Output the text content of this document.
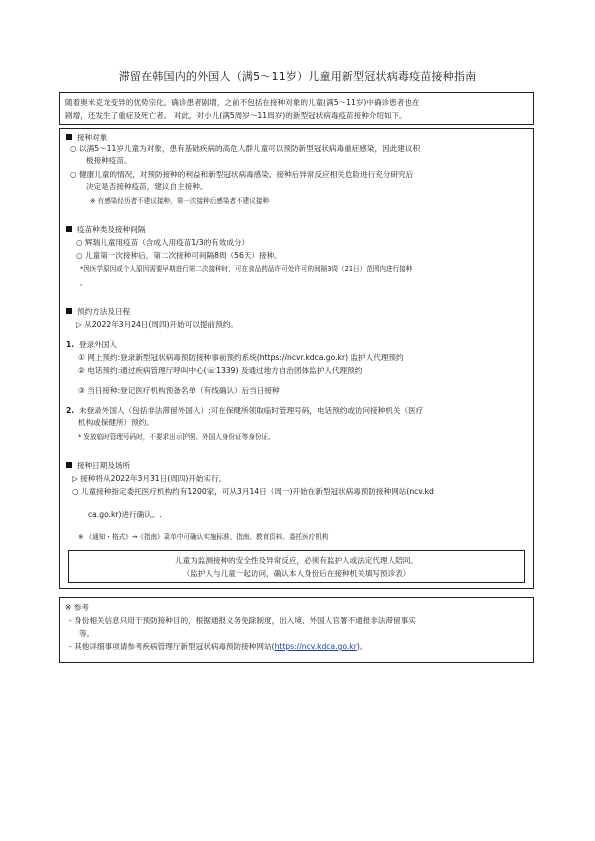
滞留在韩国内的外国人（满5～11岁）儿童用新型冠状病毒疫苗接种指南
随着奥米克龙变异的优势宗化，确诊患者剧增，之前不包括在接种对象的儿童(满5～11岁)中确诊患者也在
剧增，还发生了重症及死亡者。 对此，对小儿(满5周岁～11周岁)的新型冠状病毒疫苗接种介绍如下。
接种对象
○ 以满5～11岁儿童为对象，患有基础疾病的高危人群儿童可以预防新型冠状病毒重症感染，因此建议积
极接种疫苗。
○ 健康儿童的情况，对预防接种的利益和新型冠状病毒感染、接种后异常反应相关危险进行充分研究后
决定是否接种疫苗，建议自主接种。
※ 有感染经历者不建议接种，第一次接种后感染者不建议接种
疫苗种类及接种间隔
○ 辉瑞儿童用疫苗（含成人用疫苗1/3的有效成分）
○ 儿童第一次接种后，第二次接种可间隔8周（56天）接种。
*因医学原因或个人原因需要早期进行第二次接种时，可在食品药品许可处许可的间隔3周（21日）范围内进行接种
。
预约方法及日程
▷ 从2022年3月24日(周四)开始可以提前预约。
1. 登录外国人
① 网上预约:登录新型冠状病毒预防接种事前预约系统(https://ncvr.kdca.go.kr) 监护人代理预约
② 电话预约:通过疾病管理厅呼叫中心(☏1339) 及通过地方自治团体监护人代理预约
③ 当日接种:登记医疗机构预备名单（有线确认）后当日接种
2. 未登录外国人（包括非法滞留外国人）:可在保健所领取临时管理号码，电话预约或访问接种机关（医疗
机构或保健所）预约。
* 发放临时管理号码时，不要求出示护照、外国人身份证等身份证。
接种日期及场所
▷ 接种将从2022年3月31日(周四)开始实行。
○ 儿童接种指定委托医疗机构约有1200家，可从3月14日（周一)开始在新型冠状病毒预防接种网站(ncv.kd
ca.go.kr)进行确认。.
※ 《通知・格式》→《指南》菜单中可确认实施标准、指南、教育资料、委托医疗机构
儿童为监测接种的安全性及异常反应，必须有监护人或法定代理人陪同。
（监护人与儿童一起访问，确认本人身份后在接种机关填写预诊表）
※ 参考
- 身份相关信息只用于预防接种目的，根据通报义务免除制度，出入境、外国人官署不通报非法滞留事实
等。
- 其他详细事项请参考疾病管理厅新型冠状病毒预防接种网站(https://ncv.kdca.go.kr)。
